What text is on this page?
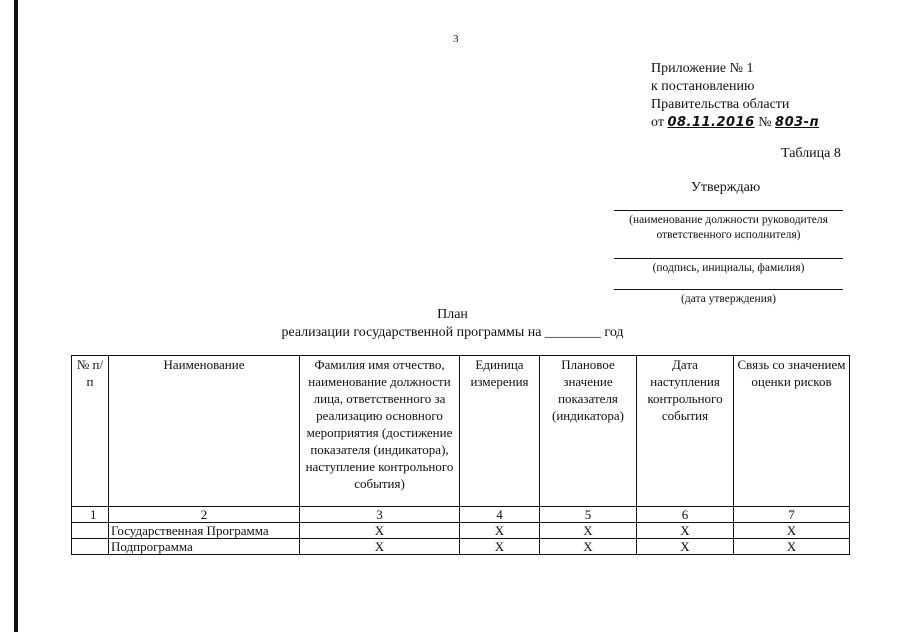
3
Приложение № 1
к постановлению
Правительства области
от 08.11.2016 № 803-п
Таблица 8
Утверждаю
(наименование должности руководителя ответственного исполнителя)
(подпись, инициалы, фамилия)
(дата утверждения)
План
реализации государственной программы на ________ год
№ п/п	Наименование	Фамилия имя отчество, наименование должности лица, ответственного за реализацию основного мероприятия (достижение показателя (индикатора), наступление контрольного события)	Единица измерения	Плановое значение показателя (индикатора)	Дата наступления контрольного события	Связь со значением оценки рисков
1	2	3	4	5	6	7
	Государственная Программа	X	X	X	X	X
	Подпрограмма	X	X	X	X	X
